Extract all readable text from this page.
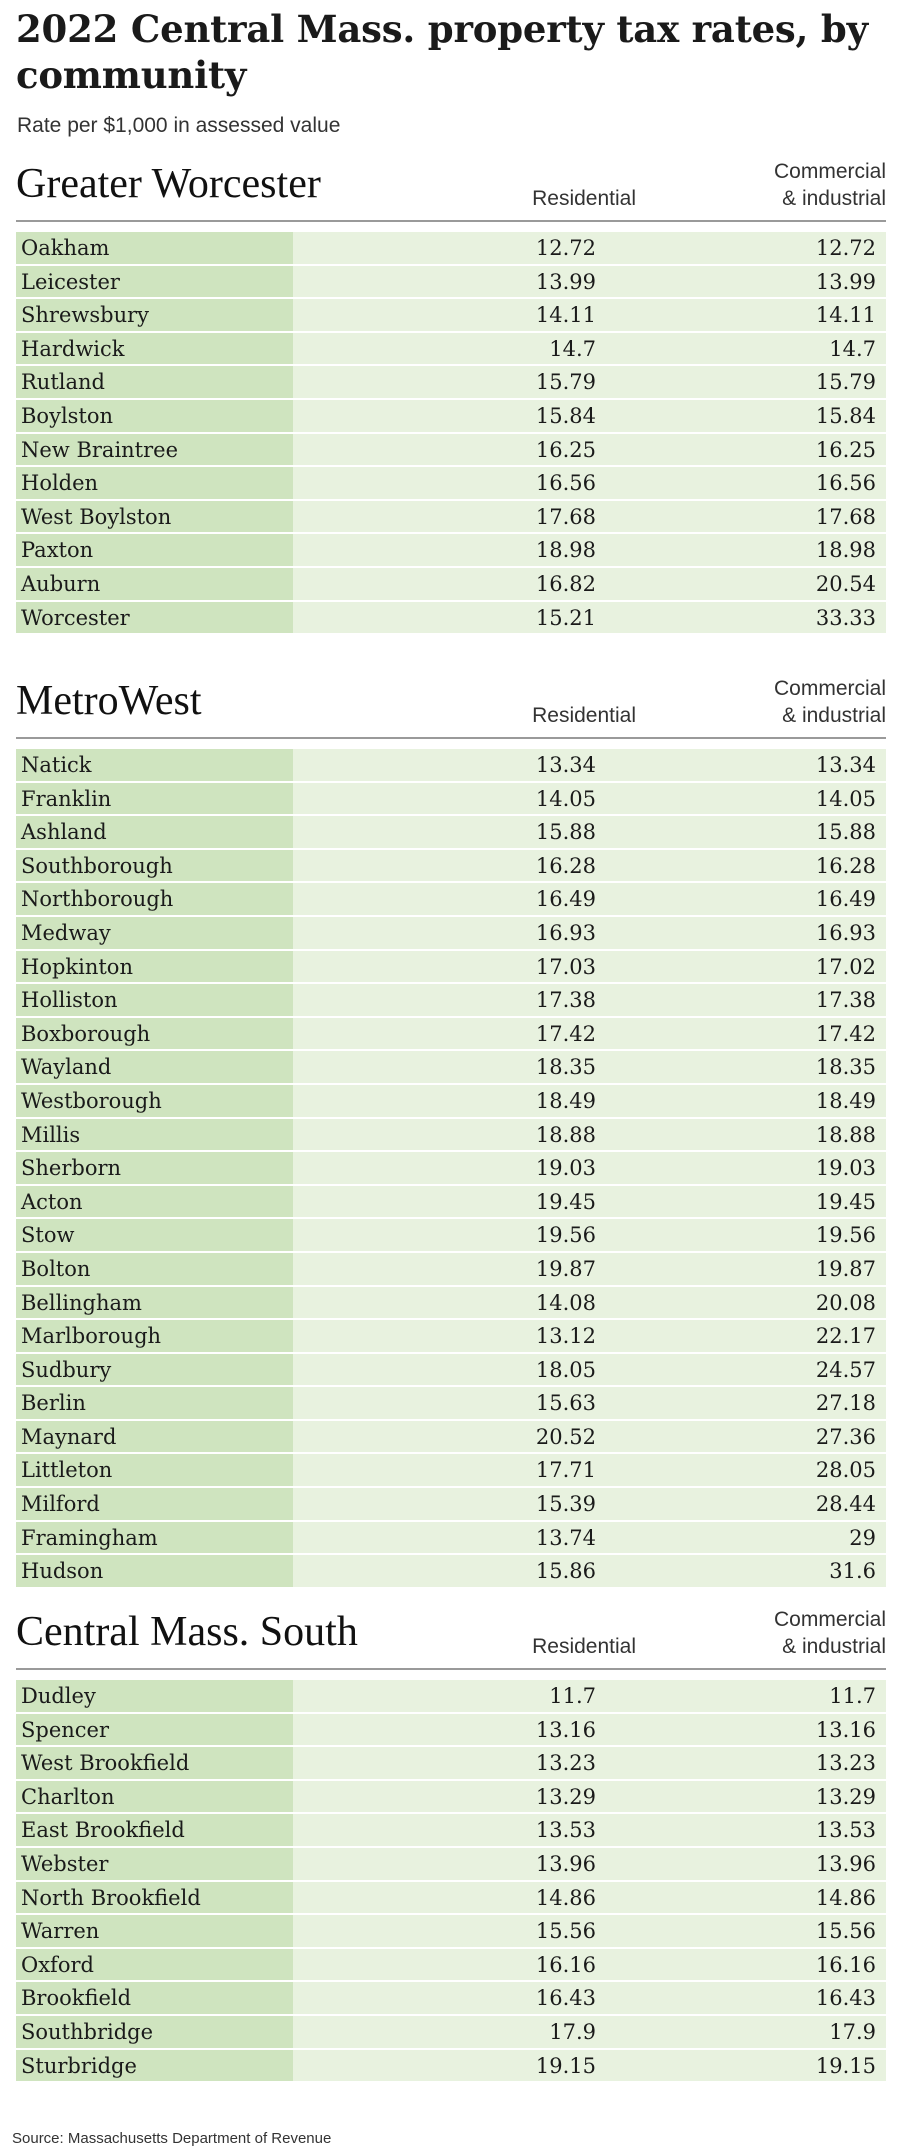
2022 Central Mass. property tax rates, by community
Rate per $1,000 in assessed value
Greater Worcester	Residential
Commercial
& industrial
Oakham	12.72	12.72
Leicester	13.99	13.99
Shrewsbury	14.11	14.11
Hardwick	14.7	14.7
Rutland	15.79	15.79
Boylston	15.84	15.84
New Braintree	16.25	16.25
Holden	16.56	16.56
West Boylston	17.68	17.68
Paxton	18.98	18.98
Auburn	16.82	20.54
Worcester	15.21	33.33
MetroWest	Residential
Commercial
& industrial
Natick	13.34	13.34
Franklin	14.05	14.05
Ashland	15.88	15.88
Southborough	16.28	16.28
Northborough	16.49	16.49
Medway	16.93	16.93
Hopkinton	17.03	17.02
Holliston	17.38	17.38
Boxborough	17.42	17.42
Wayland	18.35	18.35
Westborough	18.49	18.49
Millis	18.88	18.88
Sherborn	19.03	19.03
Acton	19.45	19.45
Stow	19.56	19.56
Bolton	19.87	19.87
Bellingham	14.08	20.08
Marlborough	13.12	22.17
Sudbury	18.05	24.57
Berlin	15.63	27.18
Maynard	20.52	27.36
Littleton	17.71	28.05
Milford	15.39	28.44
Framingham	13.74	29
Hudson	15.86	31.6
Central Mass. South	Residential
Commercial
& industrial
Dudley	11.7	11.7
Spencer	13.16	13.16
West Brookfield	13.23	13.23
Charlton	13.29	13.29
East Brookfield	13.53	13.53
Webster	13.96	13.96
North Brookfield	14.86	14.86
Warren	15.56	15.56
Oxford	16.16	16.16
Brookfield	16.43	16.43
Southbridge	17.9	17.9
Sturbridge	19.15	19.15
Source: Massachusetts Department of Revenue
